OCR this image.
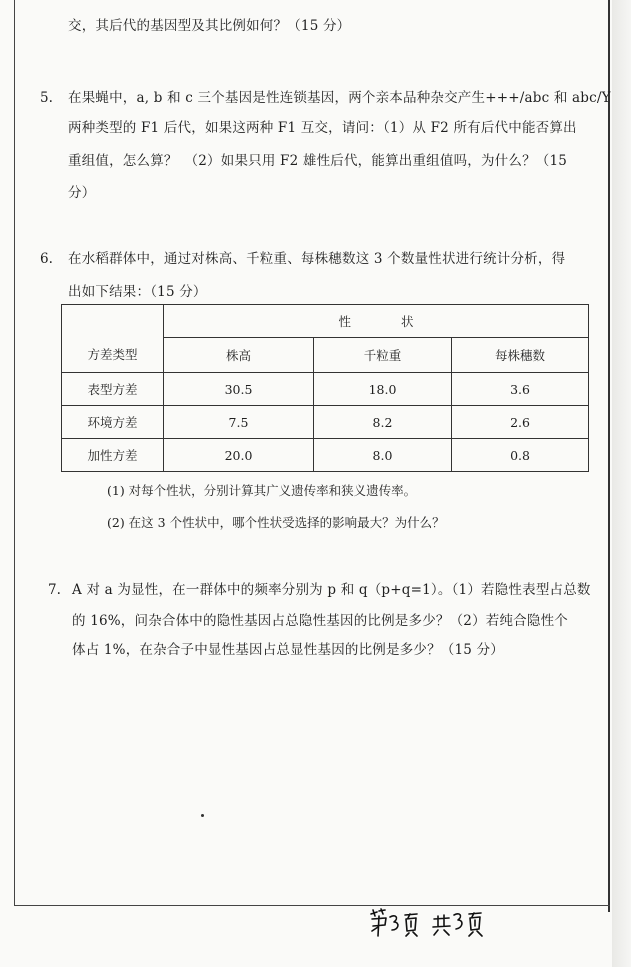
交，其后代的基因型及其比例如何？（15 分）
5. 在果蝇中，a, b 和 c 三个基因是性连锁基因，两个亲本品种杂交产生+++/abc 和 abc/Y
两种类型的 F1 后代，如果这两种 F1 互交，请问：（1）从 F2 所有后代中能否算出
重组值，怎么算？　（2）如果只用 F2 雄性后代，能算出重组值吗，为什么？（15
分）
6. 在水稻群体中，通过对株高、千粒重、每株穗数这 3 个数量性状进行统计分析，得
出如下结果：（15 分）
方差类型	性　　　　状		
	株高	千粒重	每株穗数
表型方差	30.5	18.0	3.6
环境方差	7.5	8.2	2.6
加性方差	20.0	8.0	0.8
(1) 对每个性状，分别计算其广义遗传率和狭义遗传率。
(2) 在这 3 个性状中，哪个性状受选择的影响最大？为什么？
7. A 对 a 为显性，在一群体中的频率分别为 p 和 q（p+q=1）。（1）若隐性表型占总数
的 16%，问杂合体中的隐性基因占总隐性基因的比例是多少？（2）若纯合隐性个
体占 1%，在杂合子中显性基因占总显性基因的比例是多少？（15 分）
